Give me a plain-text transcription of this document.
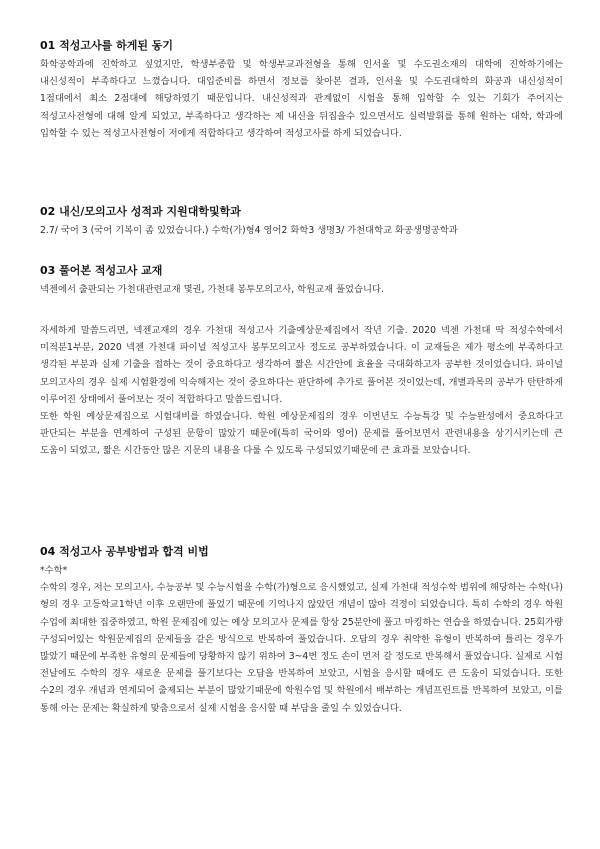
01 적성고사를 하게된 동기

화학공학과에 진학하고 싶었지만, 학생부종합 및 학생부교과전형을 통해 인서울 및 수도권소재의 대학에 진학하기에는 내신성적이 부족하다고 느꼈습니다. 대입준비를 하면서 정보를 찾아본 결과, 인서울 및 수도권대학의 화공과 내신성적이 1점대에서 최소 2점대에 해당하였기 때문입니다. 내신성적과 관계없이 시험을 통해 입학할 수 있는 기회가 주어지는 적성고사전형에 대해 알게 되었고, 부족하다고 생각하는 제 내신을 뒤집을수 있으면서도 실력발휘를 통해 원하는 대학, 학과에 입학할 수 있는 적성고사전형이 저에게 적합하다고 생각하여 적성고사를 하게 되었습니다.

02 내신/모의고사 성적과 지원대학및학과

2.7/ 국어 3 (국어 기복이 좀 있었습니다.) 수학(가)형4 영어2 화학3 생명3/ 가천대학교 화공생명공학과

03 풀어본 적성고사 교재

넥젠에서 출판되는 가천대관련교재 몇권, 가천대 봉투모의고사, 학원교재 풀었습니다.

자세하게 말씀드리면, 넥젠교재의 경우 가천대 적성고사 기출예상문제집에서 작년 기출. 2020 넥젠 가천대 딱 적성수학에서 미적분1부분, 2020 넥젠 가천대 파이널 적성고사 봉투모의고사 정도로 공부하였습니다. 이 교재들은 제가 평소에 부족하다고 생각된 부분과 실제 기출을 접하는 것이 중요하다고 생각하여 짧은 시간안에 효율을 극대화하고자 공부한 것이었습니다. 파이널 모의고사의 경우 실제 시험환경에 익숙해지는 것이 중요하다는 판단하에 추가로 풀어본 것이었는데, 개별과목의 공부가 탄탄하게 이루어진 상태에서 풀어보는 것이 적합하다고 말씀드립니다.

또한 학원 예상문제집으로 시험대비를 하였습니다. 학원 예상문제집의 경우 이번년도 수능특강 및 수능완성에서 중요하다고 판단되는 부분을 연계하여 구성된 문항이 많았기 때문에(특히 국어와 영어) 문제를 풀어보면서 관련내용을 상기시키는데 큰 도움이 되었고, 짧은 시간동안 많은 지문의 내용을 다룰 수 있도록 구성되었기때문에 큰 효과를 보았습니다.

04 적성고사 공부방법과 합격 비법

*수학*

수학의 경우, 저는 모의고사, 수능공부 및 수능시험을 수학(가)형으로 응시했었고, 실제 가천대 적성수학 범위에 해당하는 수학(나)형의 경우 고등학교1학년 이후 오랜만에 풀었기 때문에 기억나지 않았던 개념이 많아 걱정이 되었습니다. 특히 수학의 경우 학원 수업에 최대한 집중하였고, 학원 문제집에 있는 예상 모의고사 문제를 항상 25분안에 풀고 마킹하는 연습을 하였습니다. 25회가량 구성되어있는 학원문제집의 문제들을 같은 방식으로 반복하여 풀었습니다. 오답의 경우 취약한 유형이 반복하여 틀리는 경우가 많았기 때문에 부족한 유형의 문제들에 당황하지 않기 위하여 3~4번 정도 손이 먼저 갈 정도로 반복해서 풀었습니다. 실제로 시험 전날에도 수학의 경우 새로운 문제를 풀기보다는 오답을 반복하여 보았고, 시험을 응시할 때에도 큰 도움이 되었습니다. 또한 수2의 경우 개념과 연계되어 출제되는 부분이 많았기때문에 학원수업 및 학원에서 배부하는 개념프린트를 반복하여 보았고, 이를 통해 아는 문제는 확실하게 맞춤으로서 실제 시험을 응시할 때 부담을 줄일 수 있었습니다.
